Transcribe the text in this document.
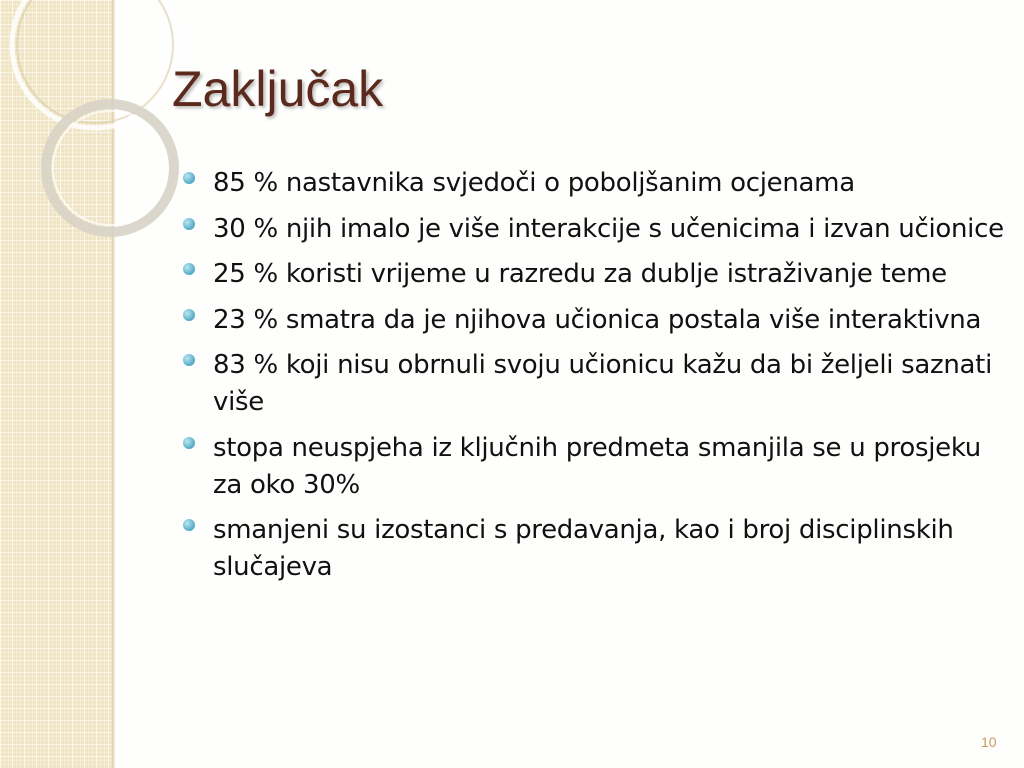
Zaključak
85 % nastavnika svjedoči o poboljšanim ocjenama
30 % njih imalo je više interakcije s učenicima i izvan učionice
25 % koristi vrijeme u razredu za dublje istraživanje teme
23 % smatra da je njihova učionica postala više interaktivna
83 % koji nisu obrnuli svoju učionicu kažu da bi željeli saznati više
stopa neuspjeha iz ključnih predmeta smanjila se u prosjeku za oko 30%
smanjeni su izostanci s predavanja, kao i broj disciplinskih slučajeva
10
